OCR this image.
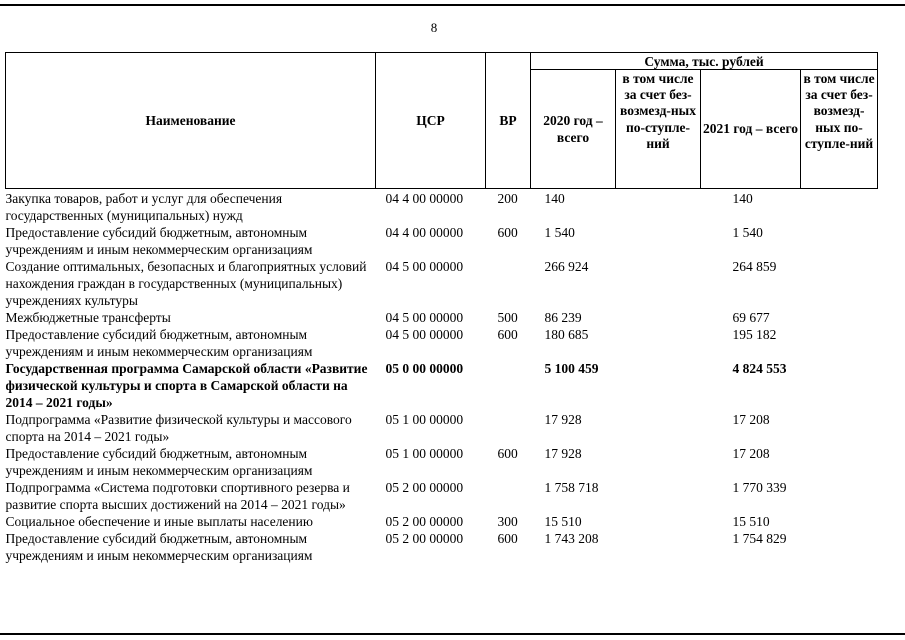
8
Наименование	ЦСР	ВР	Сумма, тыс. рублей			
			2020 год – всего	в том числе за счет без-возмезд-ных по-ступле-ний	2021 год – всего	в том числе за счет без-возмезд-ных по-ступле-ний
Закупка товаров, работ и услуг для обеспечения государственных (муниципальных) нужд	04 4 00 00000	200	140		140	
Предоставление субсидий бюджетным, автономным учреждениям и иным некоммерческим организациям	04 4 00 00000	600	1 540		1 540	
Создание оптимальных, безопасных и благоприятных условий нахождения граждан в государственных (муниципальных) учреждениях культуры	04 5 00 00000		266 924		264 859	
Межбюджетные трансферты	04 5 00 00000	500	86 239		69 677	
Предоставление субсидий бюджетным, автономным учреждениям и иным некоммерческим организациям	04 5 00 00000	600	180 685		195 182	
Государственная программа Самарской области «Развитие физической культуры и спорта в Самарской области на 2014 – 2021 годы»	05 0 00 00000		5 100 459		4 824 553	
Подпрограмма «Развитие физической культуры и массового спорта на 2014 – 2021 годы»	05 1 00 00000		17 928		17 208	
Предоставление субсидий бюджетным, автономным учреждениям и иным некоммерческим организациям	05 1 00 00000	600	17 928		17 208	
Подпрограмма «Система подготовки спортивного резерва и развитие спорта высших достижений на 2014 – 2021 годы»	05 2 00 00000		1 758 718		1 770 339	
Социальное обеспечение и иные выплаты населению	05 2 00 00000	300	15 510		15 510	
Предоставление субсидий бюджетным, автономным учреждениям и иным некоммерческим организациям	05 2 00 00000	600	1 743 208		1 754 829	
